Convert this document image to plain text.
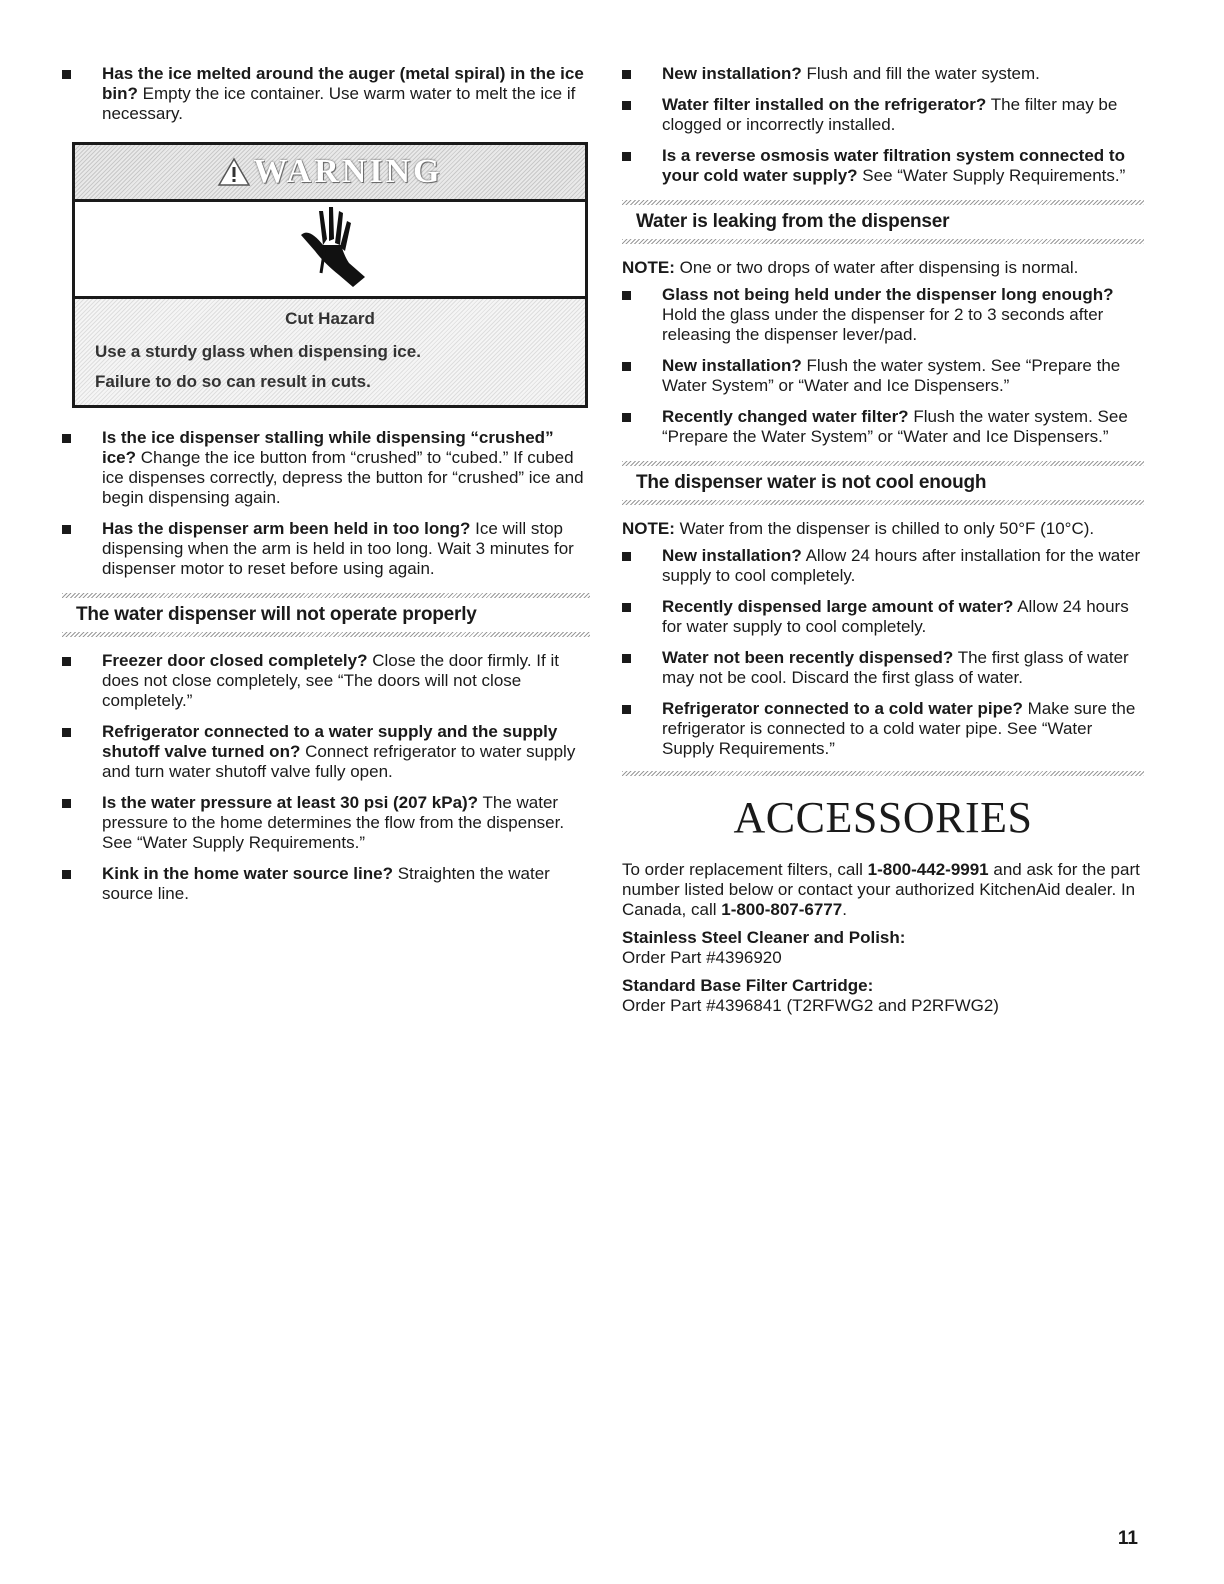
Has the ice melted around the auger (metal spiral) in the ice bin? Empty the ice container. Use warm water to melt the ice if necessary.
WARNING
Cut Hazard
Use a sturdy glass when dispensing ice.
Failure to do so can result in cuts.
Is the ice dispenser stalling while dispensing “crushed” ice? Change the ice button from “crushed” to “cubed.” If cubed ice dispenses correctly, depress the button for “crushed” ice and begin dispensing again.
Has the dispenser arm been held in too long? Ice will stop dispensing when the arm is held in too long. Wait 3 minutes for dispenser motor to reset before using again.
The water dispenser will not operate properly
Freezer door closed completely? Close the door firmly. If it does not close completely, see “The doors will not close completely.”
Refrigerator connected to a water supply and the supply shutoff valve turned on? Connect refrigerator to water supply and turn water shutoff valve fully open.
Is the water pressure at least 30 psi (207 kPa)? The water pressure to the home determines the flow from the dispenser. See “Water Supply Requirements.”
Kink in the home water source line? Straighten the water source line.
New installation? Flush and fill the water system.
Water filter installed on the refrigerator? The filter may be clogged or incorrectly installed.
Is a reverse osmosis water filtration system connected to your cold water supply? See “Water Supply Requirements.”
Water is leaking from the dispenser
NOTE: One or two drops of water after dispensing is normal.
Glass not being held under the dispenser long enough? Hold the glass under the dispenser for 2 to 3 seconds after releasing the dispenser lever/pad.
New installation? Flush the water system. See “Prepare the Water System” or “Water and Ice Dispensers.”
Recently changed water filter? Flush the water system. See “Prepare the Water System” or “Water and Ice Dispensers.”
The dispenser water is not cool enough
NOTE: Water from the dispenser is chilled to only 50°F (10°C).
New installation? Allow 24 hours after installation for the water supply to cool completely.
Recently dispensed large amount of water? Allow 24 hours for water supply to cool completely.
Water not been recently dispensed? The first glass of water may not be cool. Discard the first glass of water.
Refrigerator connected to a cold water pipe? Make sure the refrigerator is connected to a cold water pipe. See “Water Supply Requirements.”
ACCESSORIES
To order replacement filters, call 1-800-442-9991 and ask for the part number listed below or contact your authorized KitchenAid dealer. In Canada, call 1-800-807-6777.
Stainless Steel Cleaner and Polish:
Order Part #4396920
Standard Base Filter Cartridge:
Order Part #4396841 (T2RFWG2 and P2RFWG2)
11
